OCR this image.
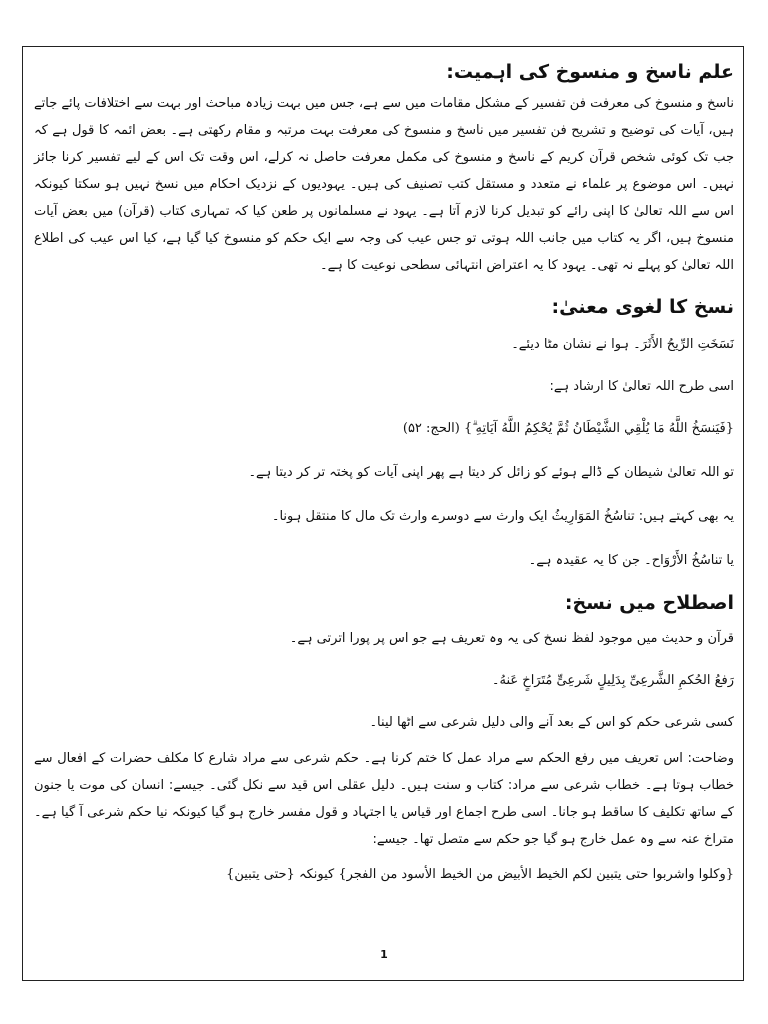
علم ناسخ و منسوخ کی اہمیت:

ناسخ و منسوخ کی معرفت فن تفسیر کے مشکل مقامات میں سے ہے، جس میں بہت زیادہ مباحث اور بہت سے اختلافات پائے جاتے ہیں، آیات کی توضیح و تشریح فن تفسیر میں ناسخ و منسوخ کی معرفت بہت مرتبہ و مقام رکھتی ہے۔ بعض ائمہ کا قول ہے کہ جب تک کوئی شخص قرآن کریم کے ناسخ و منسوخ کی مکمل معرفت حاصل نہ کرلے، اس وقت تک اس کے لیے تفسیر کرنا جائز نہیں۔ اس موضوع پر علماء نے متعدد و مستقل کتب تصنیف کی ہیں۔ یہودیوں کے نزدیک احکام میں نسخ نہیں ہو سکتا کیونکہ اس سے اللہ تعالیٰ کا اپنی رائے کو تبدیل کرنا لازم آتا ہے۔ یہود نے مسلمانوں پر طعن کیا کہ تمہاری کتاب (قرآن) میں بعض آیات منسوخ ہیں، اگر یہ کتاب میں جانب اللہ ہوتی تو جس عیب کی وجہ سے ایک حکم کو منسوخ کیا گیا ہے، کیا اس عیب کی اطلاع اللہ تعالیٰ کو پہلے نہ تھی۔ یہود کا یہ اعتراض انتہائی سطحی نوعیت کا ہے۔

نسخ کا لغوی معنیٰ:

نَسَخَتِ الرِّیحُ الأَثَرَ۔ ہوا نے نشان مٹا دیئے۔

اسی طرح اللہ تعالیٰ کا ارشاد ہے:

{فَيَنسَخُ اللَّهُ مَا يُلْقِي الشَّيْطَانُ ثُمَّ يُحْكِمُ اللَّهُ آيَاتِهِ ۗ} (الحج: ۵۲)

تو اللہ تعالیٰ شیطان کے ڈالے ہوئے کو زائل کر دیتا ہے پھر اپنی آیات کو پختہ تر کر دیتا ہے۔

یہ بھی کہتے ہیں: تناسُخُ المَوَارِیثُ ایک وارث سے دوسرے وارث تک مال کا منتقل ہونا۔

یا تناسُخُ الأَرْوَاح۔ جن کا یہ عقیدہ ہے۔

اصطلاح میں نسخ:

قرآن و حدیث میں موجود لفظ نسخ کی یہ وہ تعریف ہے جو اس پر پورا اترتی ہے۔

رَفعُ الحُکمِ الشَّرعِیِّ بِدَلِیلٍ شَرعِیٍّ مُتَرَاخٍ عَنهُ۔

کسی شرعی حکم کو اس کے بعد آنے والی دلیل شرعی سے اٹھا لینا۔

وضاحت: اس تعریف میں رفع الحکم سے مراد عمل کا ختم کرنا ہے۔ حکم شرعی سے مراد شارع کا مکلف حضرات کے افعال سے خطاب ہوتا ہے۔ خطاب شرعی سے مراد: کتاب و سنت ہیں۔ دلیل عقلی اس قید سے نکل گئی۔ جیسے: انسان کی موت یا جنون کے ساتھ تکلیف کا ساقط ہو جانا۔ اسی طرح اجماع اور قیاس یا اجتہاد و قول مفسر خارج ہو گیا کیونکہ نیا حکم شرعی آ گیا ہے۔ متراخ عنہ سے وہ عمل خارج ہو گیا جو حکم سے متصل تھا۔ جیسے:

{وکلوا واشربوا حتی یتبین لکم الخیط الأبیض من الخیط الأسود من الفجر} کیونکہ {حتی یتبین}

1
